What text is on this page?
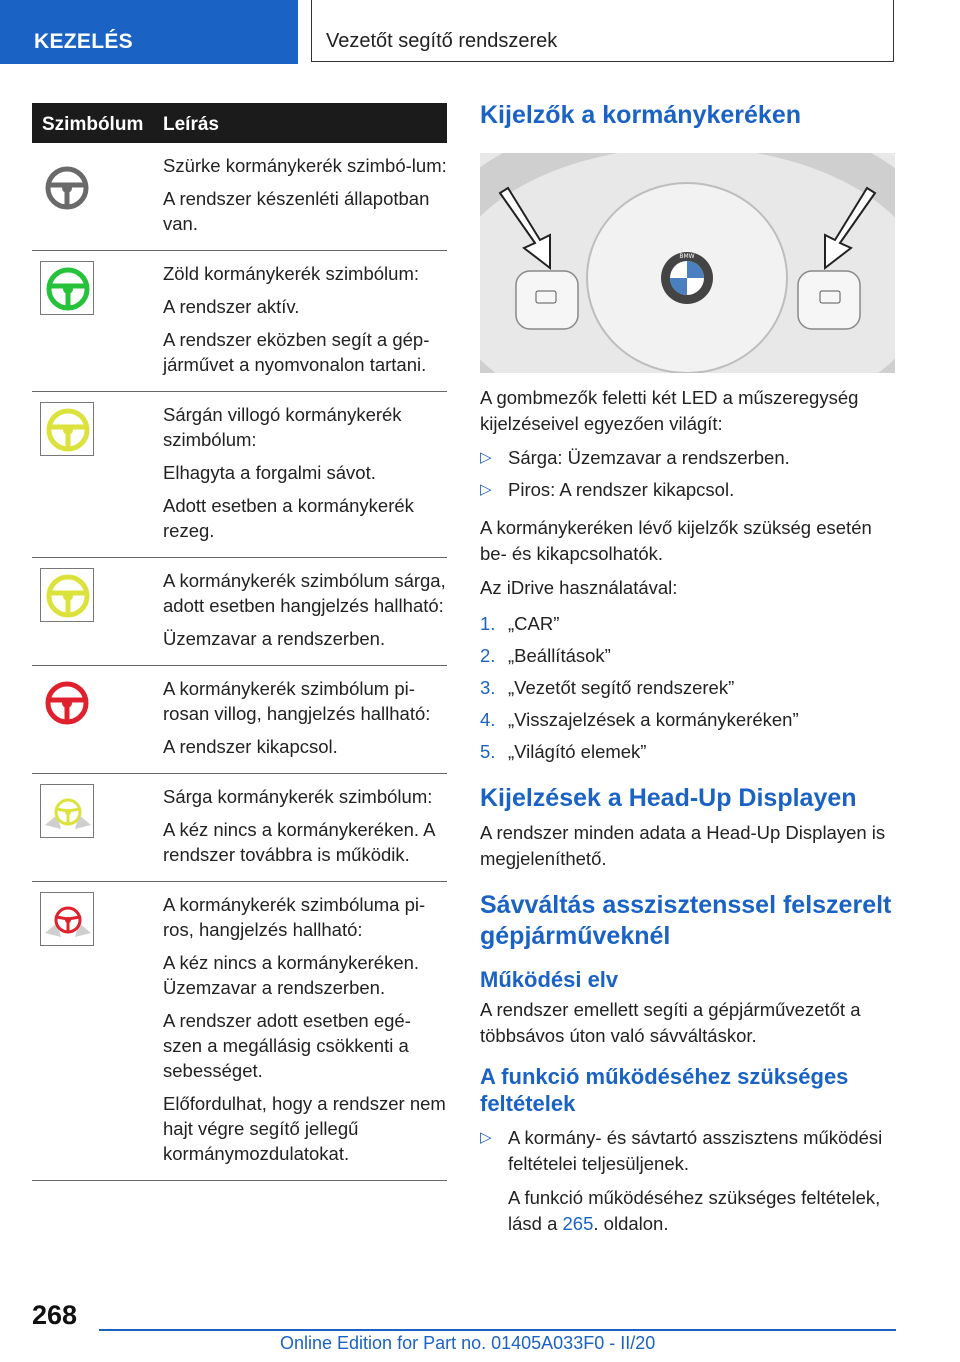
KEZELÉS	Vezetőt segítő rendszerek
Szimbólum Leírás

Szürke kormánykerék szimbó-lum:

A rendszer készenléti állapotban van.

Zöld kormánykerék szimbólum:

A rendszer aktív.

A rendszer eközben segít a gép-járművet a nyomvonalon tartani.

Sárgán villogó kormánykerék szimbólum:

Elhagyta a forgalmi sávot.

Adott esetben a kormánykerék rezeg.

A kormánykerék szimbólum sárga, adott esetben hangjelzés hallható:

Üzemzavar a rendszerben.

A kormánykerék szimbólum pi-rosan villog, hangjelzés hallható:

A rendszer kikapcsol.

Sárga kormánykerék szimbólum:

A kéz nincs a kormánykeréken. A rendszer továbbra is működik.

A kormánykerék szimbóluma pi-ros, hangjelzés hallható:

A kéz nincs a kormánykeréken. Üzemzavar a rendszerben.

A rendszer adott esetben egé-szen a megállásig csökkenti a sebességet.

Előfordulhat, hogy a rendszer nem hajt végre segítő jellegű kormánymozdulatokat.

Kijelzők a kormánykeréken
BMW

A gombmezők feletti két LED a műszeregység kijelzéseivel egyezően világít:

▷ Sárga: Üzemzavar a rendszerben.
▷ Piros: A rendszer kikapcsol.

A kormánykeréken lévő kijelzők szükség esetén be- és kikapcsolhatók.

Az iDrive használatával:

1. „CAR”
2. „Beállítások”
3. „Vezetőt segítő rendszerek”
4. „Visszajelzések a kormánykeréken”
5. „Világító elemek”
Kijelzések a Head-Up Displayen

A rendszer minden adata a Head-Up Displayen is megjeleníthető.

Sávváltás asszisztenssel felszerelt gépjárműveknél
Működési elv

A rendszer emellett segíti a gépjárművezetőt a többsávos úton való sávváltáskor.

A funkció működéséhez szükséges feltételek
▷ A kormány- és sávtartó asszisztens működési feltételei teljesüljenek.
A funkció működéséhez szükséges feltételek, lásd a 265. oldalon.
268
Online Edition for Part no. 01405A033F0 - II/20
